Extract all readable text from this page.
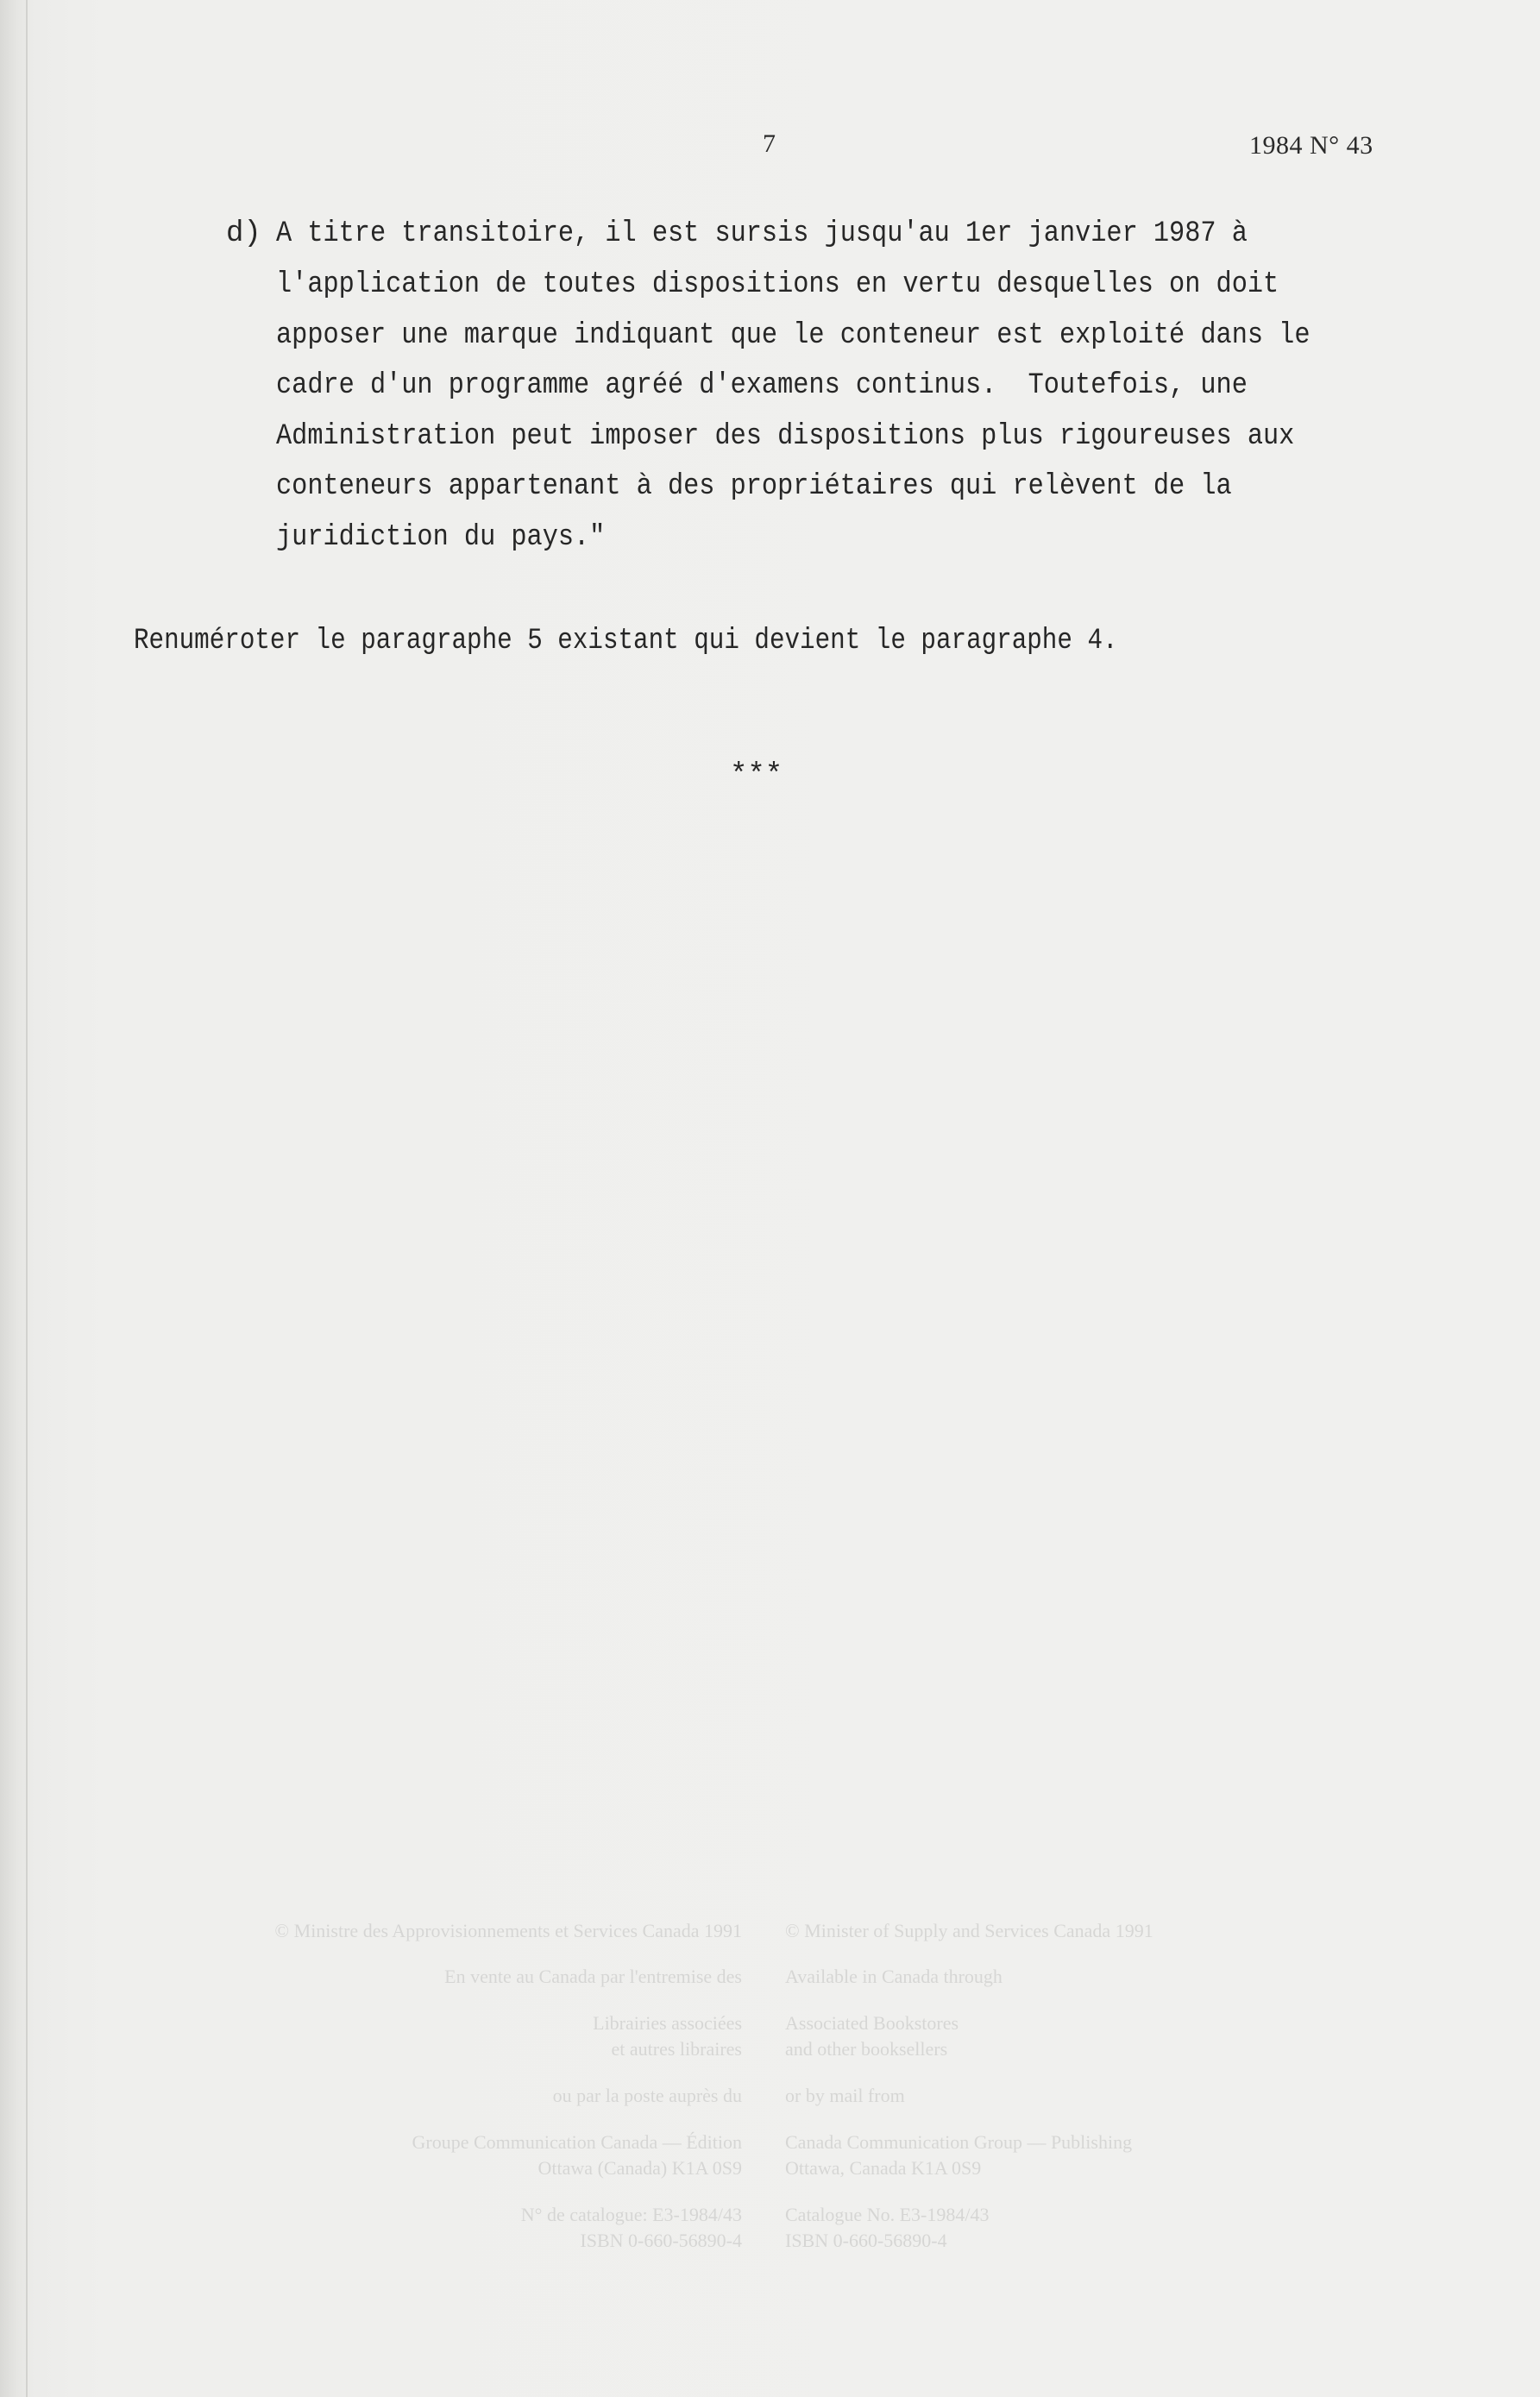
7	1984 N° 43
d) A titre transitoire, il est sursis jusqu'au 1er janvier 1987 à
l'application de toutes dispositions en vertu desquelles on doit
apposer une marque indiquant que le conteneur est exploité dans le
cadre d'un programme agréé d'examens continus.  Toutefois, une
Administration peut imposer des dispositions plus rigoureuses aux
conteneurs appartenant à des propriétaires qui relèvent de la
juridiction du pays."
Renuméroter le paragraphe 5 existant qui devient le paragraphe 4.
***
© Ministre des Approvisionnements et Services Canada 1991
En vente au Canada par l'entremise des
Librairies associées
et autres libraires
ou par la poste auprès du
Groupe Communication Canada — Édition
Ottawa (Canada) K1A 0S9
N° de catalogue: E3-1984/43
ISBN 0-660-56890-4
© Minister of Supply and Services Canada 1991
Available in Canada through
Associated Bookstores
and other booksellers
or by mail from
Canada Communication Group — Publishing
Ottawa, Canada K1A 0S9
Catalogue No. E3-1984/43
ISBN 0-660-56890-4
